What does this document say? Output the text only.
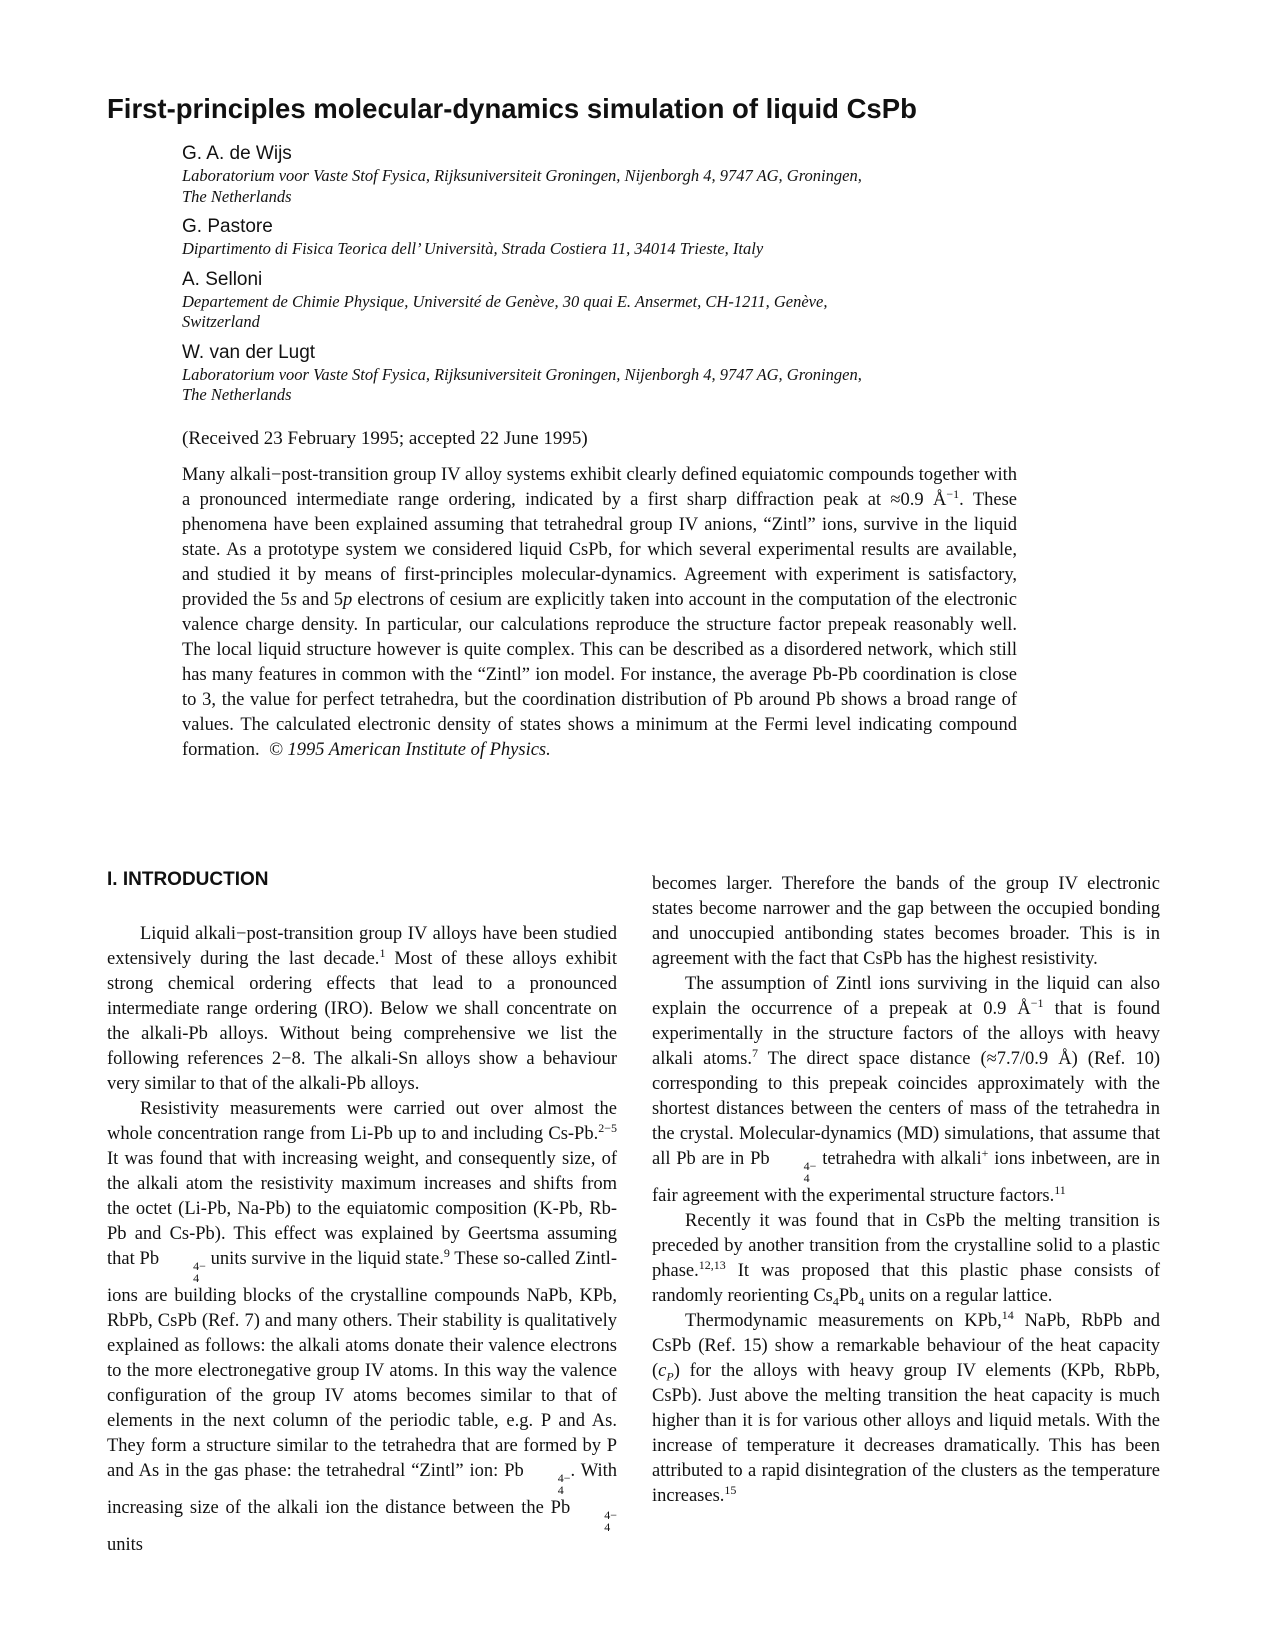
First-principles molecular-dynamics simulation of liquid CsPb

G. A. de Wijs

Laboratorium voor Vaste Stof Fysica, Rijksuniversiteit Groningen, Nijenborgh 4, 9747 AG, Groningen,
The Netherlands

G. Pastore

Dipartimento di Fisica Teorica dell’ Università, Strada Costiera 11, 34014 Trieste, Italy

A. Selloni

Departement de Chimie Physique, Université de Genève, 30 quai E. Ansermet, CH-1211, Genève,
Switzerland

W. van der Lugt

Laboratorium voor Vaste Stof Fysica, Rijksuniversiteit Groningen, Nijenborgh 4, 9747 AG, Groningen,
The Netherlands

(Received 23 February 1995; accepted 22 June 1995)

Many alkali−post-transition group IV alloy systems exhibit clearly defined equiatomic compounds together with a pronounced intermediate range ordering, indicated by a first sharp diffraction peak at ≈0.9 $Å^{-1}$. These phenomena have been explained assuming that tetrahedral group IV anions, “Zintl” ions, survive in the liquid state. As a prototype system we considered liquid CsPb, for which several experimental results are available, and studied it by means of first-principles molecular-dynamics. Agreement with experiment is satisfactory, provided the 5s and 5p electrons of cesium are explicitly taken into account in the computation of the electronic valence charge density. In particular, our calculations reproduce the structure factor prepeak reasonably well. The local liquid structure however is quite complex. This can be described as a disordered network, which still has many features in common with the “Zintl” ion model. For instance, the average Pb-Pb coordination is close to 3, the value for perfect tetrahedra, but the coordination distribution of Pb around Pb shows a broad range of values. The calculated electronic density of states shows a minimum at the Fermi level indicating compound formation. © 1995 American Institute of Physics.

I. INTRODUCTION

Liquid alkali−post-transition group IV alloys have been studied extensively during the last decade.$^1$ Most of these alloys exhibit strong chemical ordering effects that lead to a pronounced intermediate range ordering (IRO). Below we shall concentrate on the alkali-Pb alloys. Without being comprehensive we list the following references 2−8. The alkali-Sn alloys show a behaviour very similar to that of the alkali-Pb alloys.

Resistivity measurements were carried out over almost the whole concentration range from Li-Pb up to and including Cs-Pb.$^{2-5}$ It was found that with increasing weight, and consequently size, of the alkali atom the resistivity maximum increases and shifts from the octet (Li-Pb, Na-Pb) to the equiatomic composition (K-Pb, Rb-Pb and Cs-Pb). This effect was explained by Geertsma assuming that Pb	4−
4
units survive in the liquid state.$^9$ These so-called Zintl-ions are building blocks of the crystalline compounds NaPb, KPb, RbPb, CsPb (Ref. 7) and many others. Their stability is qualitatively explained as follows: the alkali atoms donate their valence electrons to the more electronegative group IV atoms. In this way the valence configuration of the group IV atoms becomes similar to that of elements in the next column of the periodic table, e.g. P and As. They form a structure similar to the tetrahedra that are formed by P and As in the gas phase: the tetrahedral “Zintl” ion: Pb	4−
4
. With increasing size of the alkali ion the distance between the Pb	4−
4
units

becomes larger. Therefore the bands of the group IV electronic states become narrower and the gap between the occupied bonding and unoccupied antibonding states becomes broader. This is in agreement with the fact that CsPb has the highest resistivity.

The assumption of Zintl ions surviving in the liquid can also explain the occurrence of a prepeak at 0.9 $Å^{-1}$ that is found experimentally in the structure factors of the alloys with heavy alkali atoms.$^7$ The direct space distance (≈7.7/0.9 Å) (Ref. 10) corresponding to this prepeak coincides approximately with the shortest distances between the centers of mass of the tetrahedra in the crystal. Molecular-dynamics (MD) simulations, that assume that all Pb are in Pb	4−
4
tetrahedra with alkali+ ions inbetween, are in fair agreement with the experimental structure factors.$^{11}$

Recently it was found that in CsPb the melting transition is preceded by another transition from the crystalline solid to a plastic phase.$^{12,13}$ It was proposed that this plastic phase consists of randomly reorienting $Cs_4Pb_4$ units on a regular lattice.

Thermodynamic measurements on KPb,$^{14}$ NaPb, RbPb and CsPb (Ref. 15) show a remarkable behaviour of the heat capacity $(c_P)$ for the alloys with heavy group IV elements (KPb, RbPb, CsPb). Just above the melting transition the heat capacity is much higher than it is for various other alloys and liquid metals. With the increase of temperature it decreases dramatically. This has been attributed to a rapid disintegration of the clusters as the temperature increases.$^{15}$
